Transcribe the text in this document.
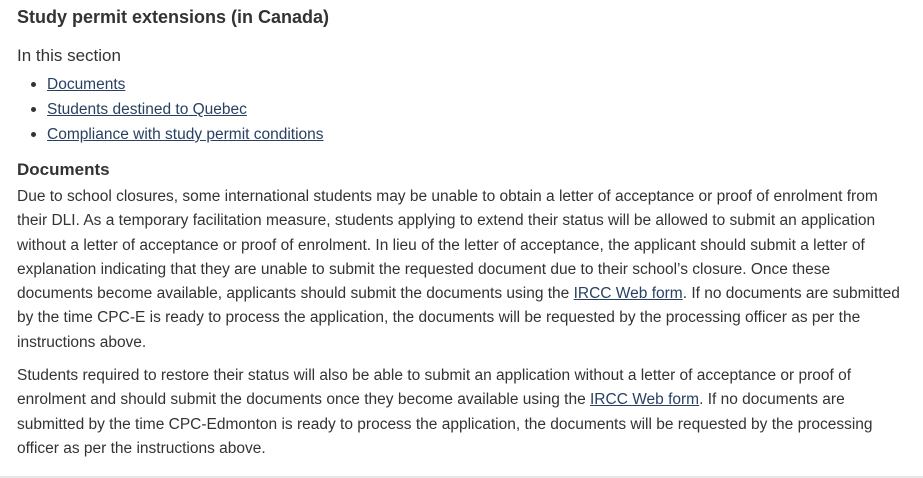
Study permit extensions (in Canada)
In this section
Documents
Students destined to Quebec
Compliance with study permit conditions
Documents

Due to school closures, some international students may be unable to obtain a letter of acceptance or proof of enrolment from their DLI. As a temporary facilitation measure, students applying to extend their status will be allowed to submit an application without a letter of acceptance or proof of enrolment. In lieu of the letter of acceptance, the applicant should submit a letter of explanation indicating that they are unable to submit the requested document due to their school’s closure. Once these documents become available, applicants should submit the documents using the IRCC Web form. If no documents are submitted by the time CPC-E is ready to process the application, the documents will be requested by the processing officer as per the instructions above.

Students required to restore their status will also be able to submit an application without a letter of acceptance or proof of enrolment and should submit the documents once they become available using the IRCC Web form. If no documents are submitted by the time CPC-Edmonton is ready to process the application, the documents will be requested by the processing officer as per the instructions above.
